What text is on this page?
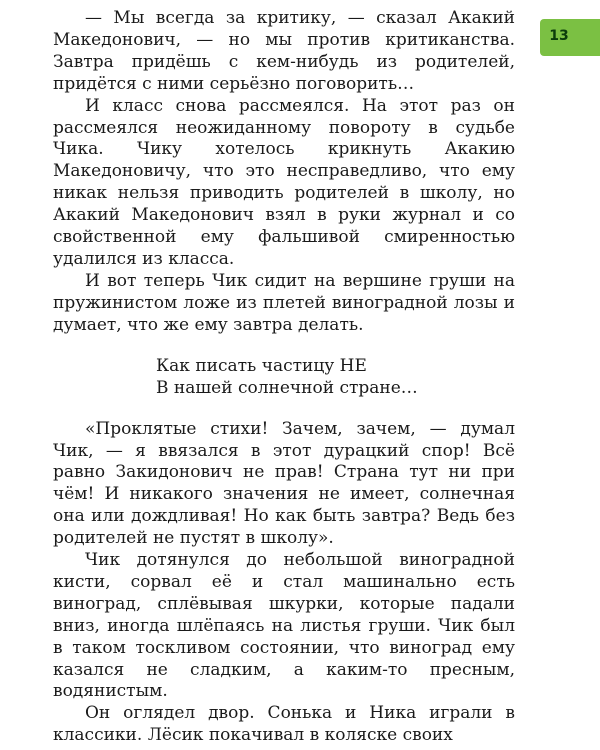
13

— Мы всегда за критику, — сказал Акакий Македонович, — но мы против критиканства. Завтра придёшь с кем-нибудь из родителей, придётся с ними серьёзно поговорить…

И класс снова рассмеялся. На этот раз он рассмеялся неожиданному повороту в судьбе Чика. Чику хотелось крикнуть Акакию Македоновичу, что это несправедливо, что ему никак нельзя приводить родителей в школу, но Акакий Македонович взял в руки журнал и со свойственной ему фальшивой смиренностью удалился из класса.

И вот теперь Чик сидит на вершине груши на пружинистом ложе из плетей виноградной лозы и думает, что же ему завтра делать.

Как писать частицу НЕ
В нашей солнечной стране…

«Проклятые стихи! Зачем, зачем, — думал Чик, — я ввязался в этот дурацкий спор! Всё равно Закидонович не прав! Страна тут ни при чём! И никакого значения не имеет, солнечная она или дождливая! Но как быть завтра? Ведь без родителей не пустят в школу».

Чик дотянулся до небольшой виноградной кисти, сорвал её и стал машинально есть виноград, сплёвывая шкурки, которые падали вниз, иногда шлёпаясь на листья груши. Чик был в таком тоскливом состоянии, что виноград ему казался не сладким, а каким-то пресным, водянистым.

Он оглядел двор. Сонька и Ника играли в классики. Лёсик покачивал в коляске своих
